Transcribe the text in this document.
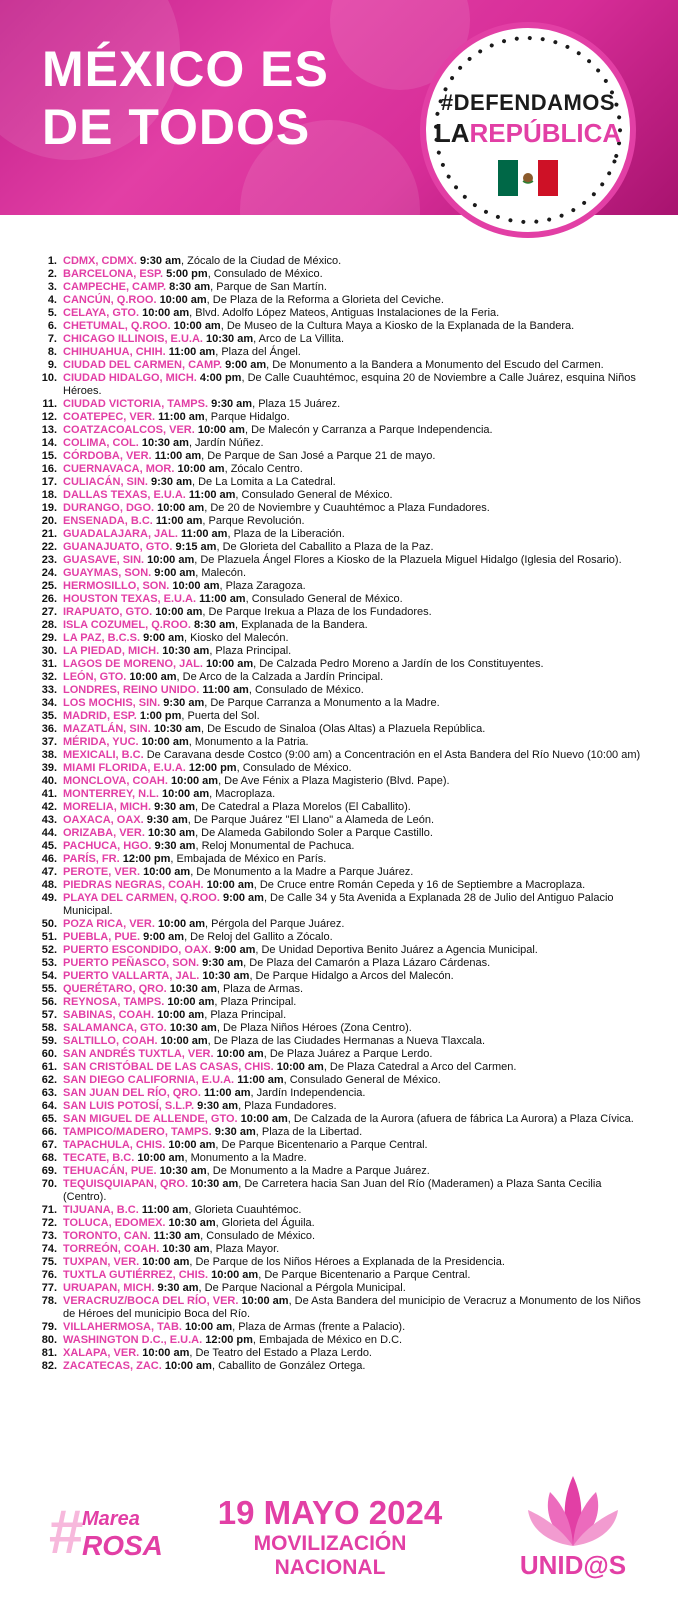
MÉXICO ES
DE TODOS	#DEFENDAMOS
LAREPÚBLICA
1. CDMX, CDMX. 9:30 am, Zócalo de la Ciudad de México.
2. BARCELONA, ESP. 5:00 pm, Consulado de México.
3. CAMPECHE, CAMP. 8:30 am, Parque de San Martín.
4. CANCÚN, Q.ROO. 10:00 am, De Plaza de la Reforma a Glorieta del Ceviche.
5. CELAYA, GTO. 10:00 am, Blvd. Adolfo López Mateos, Antiguas Instalaciones de la Feria.
6. CHETUMAL, Q.ROO. 10:00 am, De Museo de la Cultura Maya a Kiosko de la Explanada de la Bandera.
7. CHICAGO ILLINOIS, E.U.A. 10:30 am, Arco de La Villita.
8. CHIHUAHUA, CHIH. 11:00 am, Plaza del Ángel.
9. CIUDAD DEL CARMEN, CAMP. 9:00 am, De Monumento a la Bandera a Monumento del Escudo del Carmen.
10. CIUDAD HIDALGO, MICH. 4:00 pm, De Calle Cuauhtémoc, esquina 20 de Noviembre a Calle Juárez, esquina Niños Héroes.
11. CIUDAD VICTORIA, TAMPS. 9:30 am, Plaza 15 Juárez.
12. COATEPEC, VER. 11:00 am, Parque Hidalgo.
13. COATZACOALCOS, VER. 10:00 am, De Malecón y Carranza a Parque Independencia.
14. COLIMA, COL. 10:30 am, Jardín Núñez.
15. CÓRDOBA, VER. 11:00 am, De Parque de San José a Parque 21 de mayo.
16. CUERNAVACA, MOR. 10:00 am, Zócalo Centro.
17. CULIACÁN, SIN. 9:30 am, De La Lomita a La Catedral.
18. DALLAS TEXAS, E.U.A. 11:00 am, Consulado General de México.
19. DURANGO, DGO. 10:00 am, De 20 de Noviembre y Cuauhtémoc a Plaza Fundadores.
20. ENSENADA, B.C. 11:00 am, Parque Revolución.
21. GUADALAJARA, JAL. 11:00 am, Plaza de la Liberación.
22. GUANAJUATO, GTO. 9:15 am, De Glorieta del Caballito a Plaza de la Paz.
23. GUASAVE, SIN. 10:00 am, De Plazuela Ángel Flores a Kiosko de la Plazuela Miguel Hidalgo (Iglesia del Rosario).
24. GUAYMAS, SON. 9:00 am, Malecón.
25. HERMOSILLO, SON. 10:00 am, Plaza Zaragoza.
26. HOUSTON TEXAS, E.U.A. 11:00 am, Consulado General de México.
27. IRAPUATO, GTO. 10:00 am, De Parque Irekua a Plaza de los Fundadores.
28. ISLA COZUMEL, Q.ROO. 8:30 am, Explanada de la Bandera.
29. LA PAZ, B.C.S. 9:00 am, Kiosko del Malecón.
30. LA PIEDAD, MICH. 10:30 am, Plaza Principal.
31. LAGOS DE MORENO, JAL. 10:00 am, De Calzada Pedro Moreno a Jardín de los Constituyentes.
32. LEÓN, GTO. 10:00 am, De Arco de la Calzada a Jardín Principal.
33. LONDRES, REINO UNIDO. 11:00 am, Consulado de México.
34. LOS MOCHIS, SIN. 9:30 am, De Parque Carranza a Monumento a la Madre.
35. MADRID, ESP. 1:00 pm, Puerta del Sol.
36. MAZATLÁN, SIN. 10:30 am, De Escudo de Sinaloa (Olas Altas) a Plazuela República.
37. MÉRIDA, YUC. 10:00 am, Monumento a la Patria.
38. MEXICALI, B.C. De Caravana desde Costco (9:00 am) a Concentración en el Asta Bandera del Río Nuevo (10:00 am)
39. MIAMI FLORIDA, E.U.A. 12:00 pm, Consulado de México.
40. MONCLOVA, COAH. 10:00 am, De Ave Fénix a Plaza Magisterio (Blvd. Pape).
41. MONTERREY, N.L. 10:00 am, Macroplaza.
42. MORELIA, MICH. 9:30 am, De Catedral a Plaza Morelos (El Caballito).
43. OAXACA, OAX. 9:30 am, De Parque Juárez "El Llano" a Alameda de León.
44. ORIZABA, VER. 10:30 am, De Alameda Gabilondo Soler a Parque Castillo.
45. PACHUCA, HGO. 9:30 am, Reloj Monumental de Pachuca.
46. PARÍS, FR. 12:00 pm, Embajada de México en París.
47. PEROTE, VER. 10:00 am, De Monumento a la Madre a Parque Juárez.
48. PIEDRAS NEGRAS, COAH. 10:00 am, De Cruce entre Román Cepeda y 16 de Septiembre a Macroplaza.
49. PLAYA DEL CARMEN, Q.ROO. 9:00 am, De Calle 34 y 5ta Avenida a Explanada 28 de Julio del Antiguo Palacio Municipal.
50. POZA RICA, VER. 10:00 am, Pérgola del Parque Juárez.
51. PUEBLA, PUE. 9:00 am, De Reloj del Gallito a Zócalo.
52. PUERTO ESCONDIDO, OAX. 9:00 am, De Unidad Deportiva Benito Juárez a Agencia Municipal.
53. PUERTO PEÑASCO, SON. 9:30 am, De Plaza del Camarón a Plaza Lázaro Cárdenas.
54. PUERTO VALLARTA, JAL. 10:30 am, De Parque Hidalgo a Arcos del Malecón.
55. QUERÉTARO, QRO. 10:30 am, Plaza de Armas.
56. REYNOSA, TAMPS. 10:00 am, Plaza Principal.
57. SABINAS, COAH. 10:00 am, Plaza Principal.
58. SALAMANCA, GTO. 10:30 am, De Plaza Niños Héroes (Zona Centro).
59. SALTILLO, COAH. 10:00 am, De Plaza de las Ciudades Hermanas a Nueva Tlaxcala.
60. SAN ANDRÉS TUXTLA, VER. 10:00 am, De Plaza Juárez a Parque Lerdo.
61. SAN CRISTÓBAL DE LAS CASAS, CHIS. 10:00 am, De Plaza Catedral a Arco del Carmen.
62. SAN DIEGO CALIFORNIA, E.U.A. 11:00 am, Consulado General de México.
63. SAN JUAN DEL RÍO, QRO. 11:00 am, Jardín Independencia.
64. SAN LUIS POTOSÍ, S.L.P. 9:30 am, Plaza Fundadores.
65. SAN MIGUEL DE ALLENDE, GTO. 10:00 am, De Calzada de la Aurora (afuera de fábrica La Aurora) a Plaza Cívica.
66. TAMPICO/MADERO, TAMPS. 9:30 am, Plaza de la Libertad.
67. TAPACHULA, CHIS. 10:00 am, De Parque Bicentenario a Parque Central.
68. TECATE, B.C. 10:00 am, Monumento a la Madre.
69. TEHUACÁN, PUE. 10:30 am, De Monumento a la Madre a Parque Juárez.
70. TEQUISQUIAPAN, QRO. 10:30 am, De Carretera hacia San Juan del Río (Maderamen) a Plaza Santa Cecilia (Centro).
71. TIJUANA, B.C. 11:00 am, Glorieta Cuauhtémoc.
72. TOLUCA, EDOMEX. 10:30 am, Glorieta del Águila.
73. TORONTO, CAN. 11:30 am, Consulado de México.
74. TORREÓN, COAH. 10:30 am, Plaza Mayor.
75. TUXPAN, VER. 10:00 am, De Parque de los Niños Héroes a Explanada de la Presidencia.
76. TUXTLA GUTIÉRREZ, CHIS. 10:00 am, De Parque Bicentenario a Parque Central.
77. URUAPAN, MICH. 9:30 am, De Parque Nacional a Pérgola Municipal.
78. VERACRUZ/BOCA DEL RÍO, VER. 10:00 am, De Asta Bandera del municipio de Veracruz a Monumento de los Niños de Héroes del municipio Boca del Río.
79. VILLAHERMOSA, TAB. 10:00 am, Plaza de Armas (frente a Palacio).
80. WASHINGTON D.C., E.U.A. 12:00 pm, Embajada de México en D.C.
81. XALAPA, VER. 10:00 am, De Teatro del Estado a Plaza Lerdo.
82. ZACATECAS, ZAC. 10:00 am, Caballito de González Ortega.
# Marea
ROSA
19 MAYO 2024
MOVILIZACIÓN NACIONAL	UNID@S
